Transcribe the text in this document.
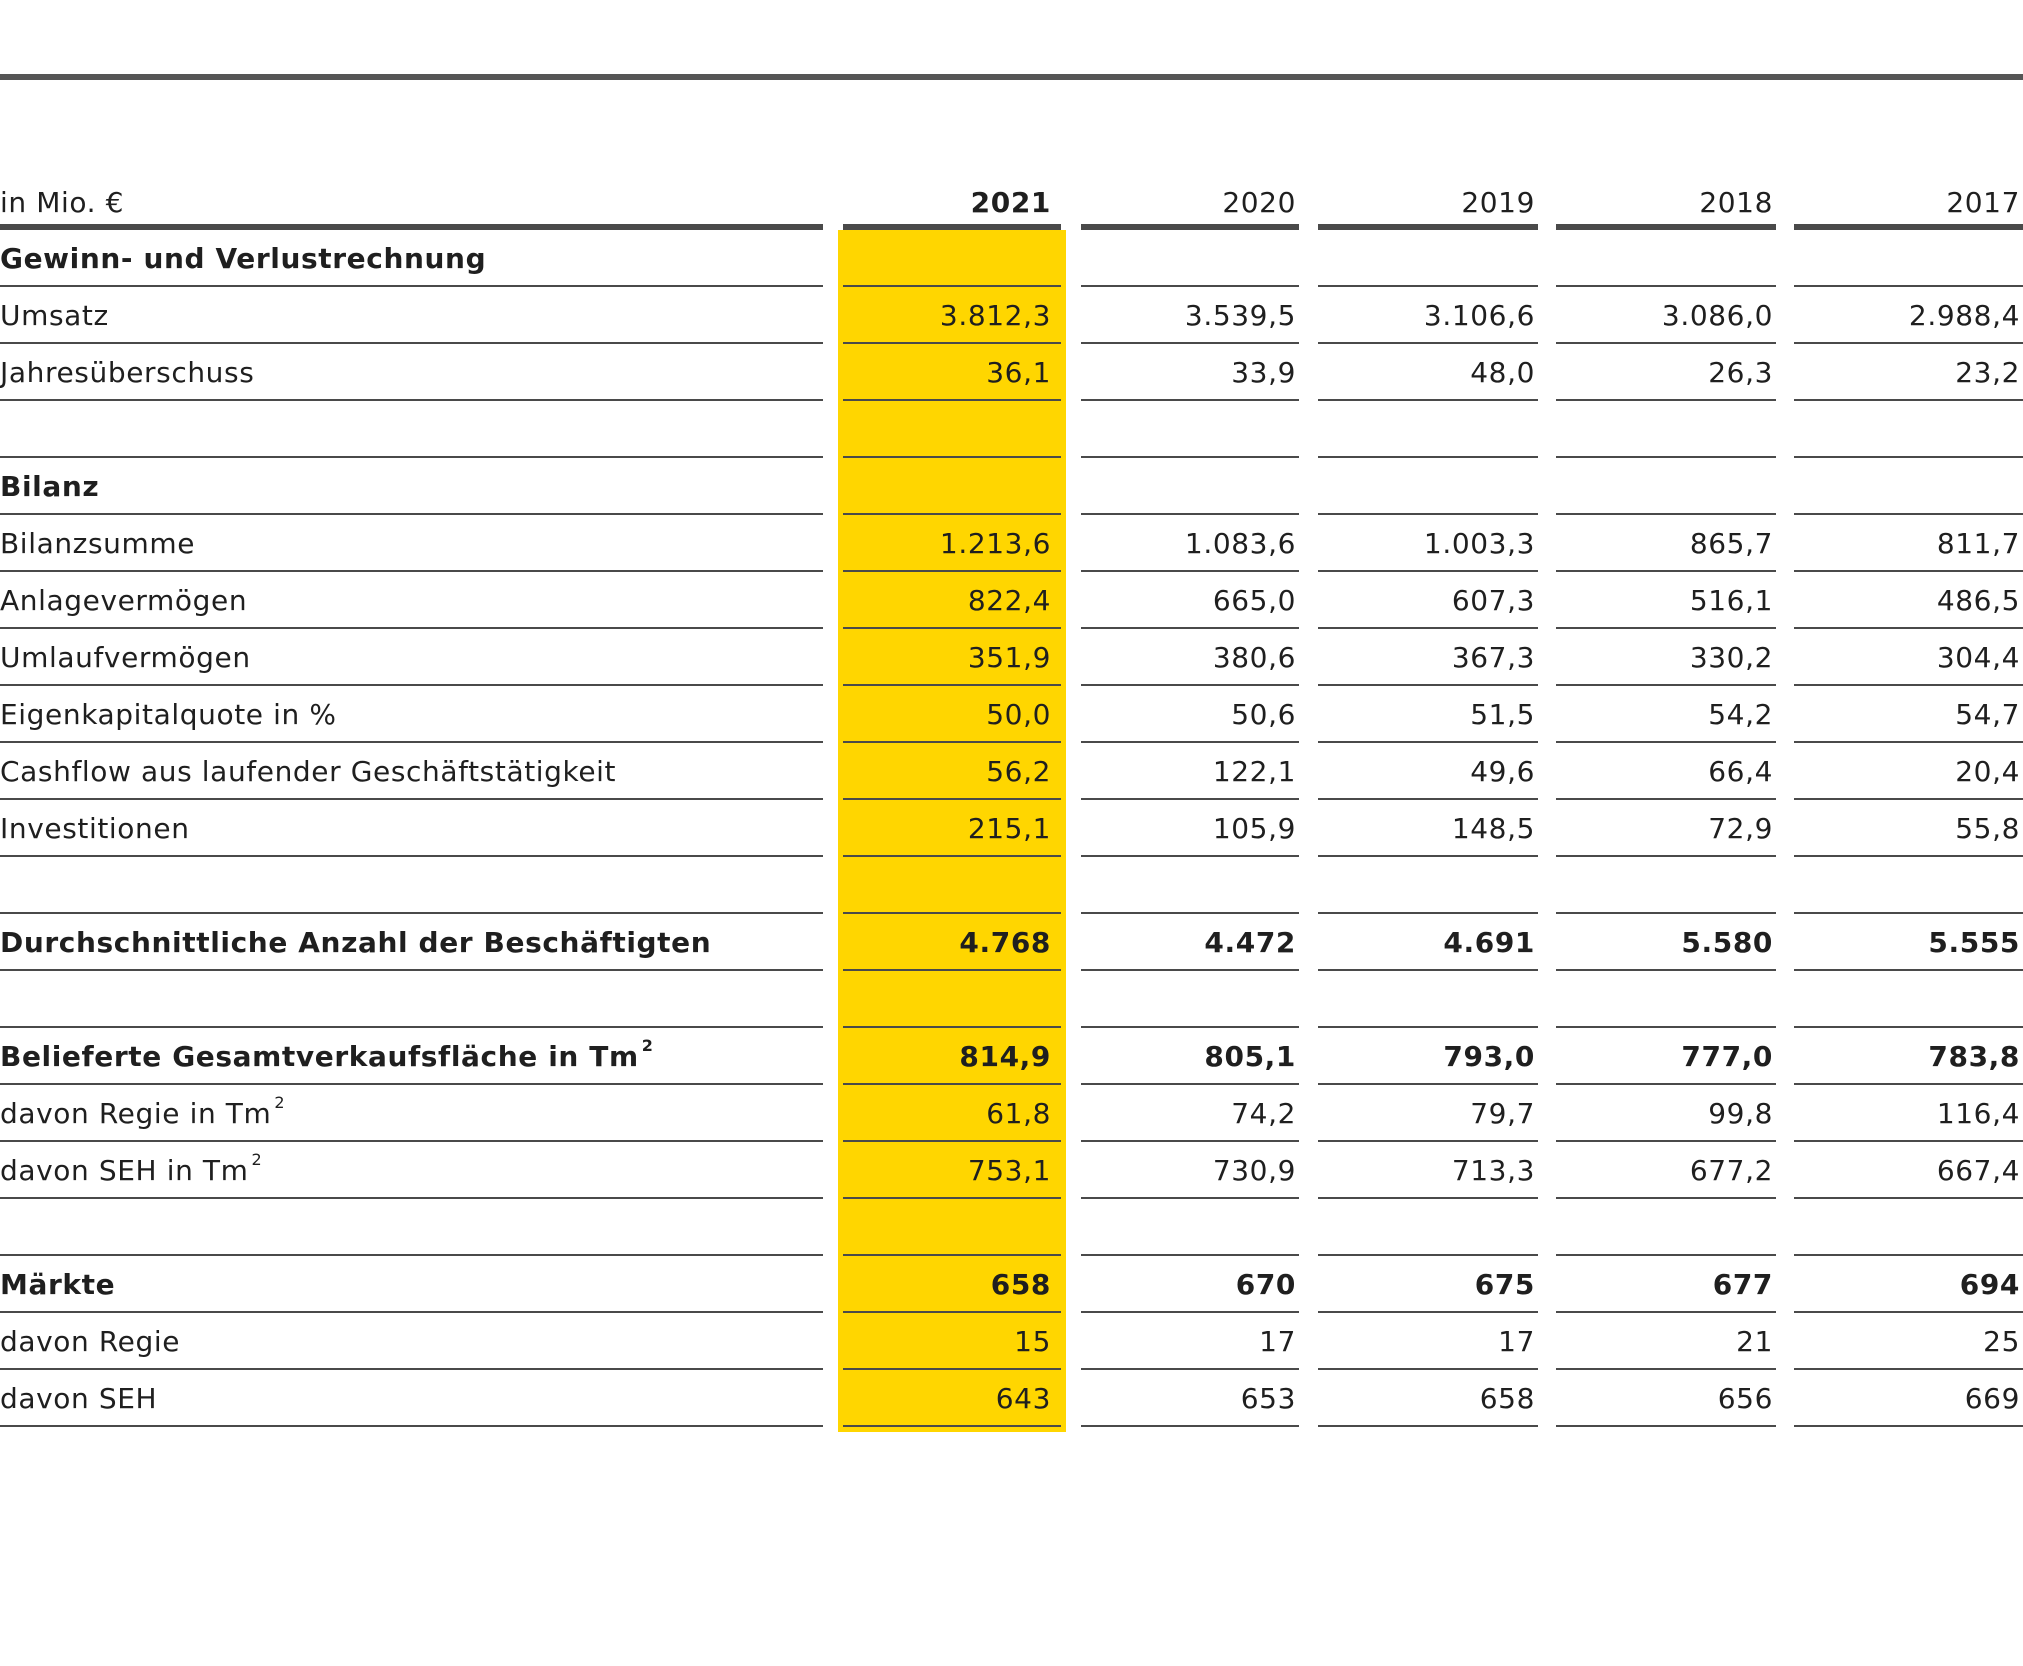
in Mio. €	2021	2020	2019	2018	2017
Gewinn- und Verlustrechnung
Umsatz	3.812,3	3.539,5	3.106,6	3.086,0	2.988,4
Jahresüberschuss	36,1	33,9	48,0	26,3	23,2
Bilanz
Bilanzsumme	1.213,6	1.083,6	1.003,3	865,7	811,7
Anlagevermögen	822,4	665,0	607,3	516,1	486,5
Umlaufvermögen	351,9	380,6	367,3	330,2	304,4
Eigenkapitalquote in %	50,0	50,6	51,5	54,2	54,7
Cashflow aus laufender Geschäftstätigkeit	56,2	122,1	49,6	66,4	20,4
Investitionen	215,1	105,9	148,5	72,9	55,8
Durchschnittliche Anzahl der Beschäftigten	4.768	4.472	4.691	5.580	5.555
Belieferte Gesamtverkaufsfläche in Tm $^2$	814,9	805,1	793,0	777,0	783,8
davon Regie in Tm $^2$	61,8	74,2	79,7	99,8	116,4
davon SEH in Tm $^2$	753,1	730,9	713,3	677,2	667,4
Märkte	658	670	675	677	694
davon Regie	15	17	17	21	25
davon SEH	643	653	658	656	669
